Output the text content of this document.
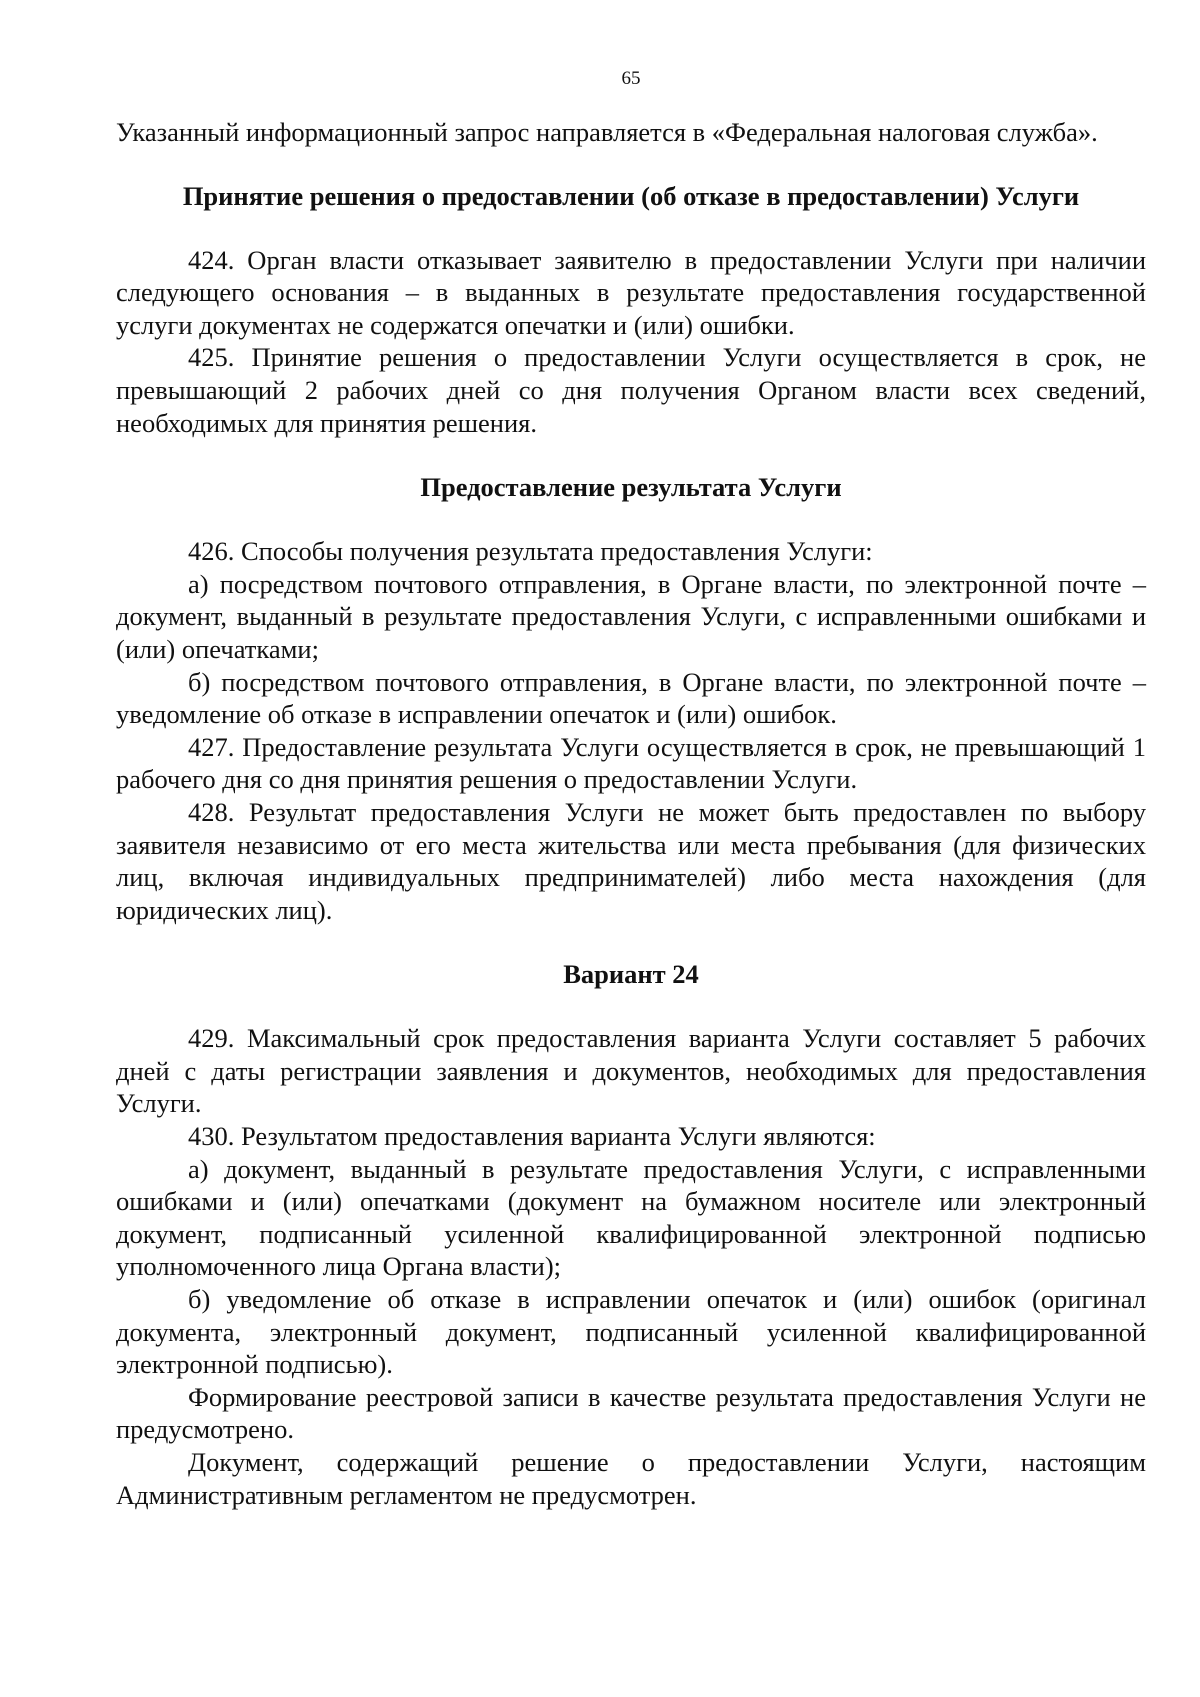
65

Указанный информационный запрос направляется в «Федеральная налоговая служба».

Принятие решения о предоставлении (об отказе в предоставлении) Услуги

424. Орган власти отказывает заявителю в предоставлении Услуги при наличии следующего основания – в выданных в результате предоставления государственной услуги документах не содержатся опечатки и (или) ошибки.

425. Принятие решения о предоставлении Услуги осуществляется в срок, не превышающий 2 рабочих дней со дня получения Органом власти всех сведений, необходимых для принятия решения.

Предоставление результата Услуги

426. Способы получения результата предоставления Услуги:

а) посредством почтового отправления, в Органе власти, по электронной почте – документ, выданный в результате предоставления Услуги, с исправленными ошибками и (или) опечатками;

б) посредством почтового отправления, в Органе власти, по электронной почте – уведомление об отказе в исправлении опечаток и (или) ошибок.

427. Предоставление результата Услуги осуществляется в срок, не превышающий 1 рабочего дня со дня принятия решения о предоставлении Услуги.

428. Результат предоставления Услуги не может быть предоставлен по выбору заявителя независимо от его места жительства или места пребывания (для физических лиц, включая индивидуальных предпринимателей) либо места нахождения (для юридических лиц).

Вариант 24

429. Максимальный срок предоставления варианта Услуги составляет 5 рабочих дней с даты регистрации заявления и документов, необходимых для предоставления Услуги.

430. Результатом предоставления варианта Услуги являются:

а) документ, выданный в результате предоставления Услуги, с исправленными ошибками и (или) опечатками (документ на бумажном носителе или электронный документ, подписанный усиленной квалифицированной электронной подписью уполномоченного лица Органа власти);

б) уведомление об отказе в исправлении опечаток и (или) ошибок (оригинал документа, электронный документ, подписанный усиленной квалифицированной электронной подписью).

Формирование реестровой записи в качестве результата предоставления Услуги не предусмотрено.

Документ, содержащий решение о предоставлении Услуги, настоящим Административным регламентом не предусмотрен.
